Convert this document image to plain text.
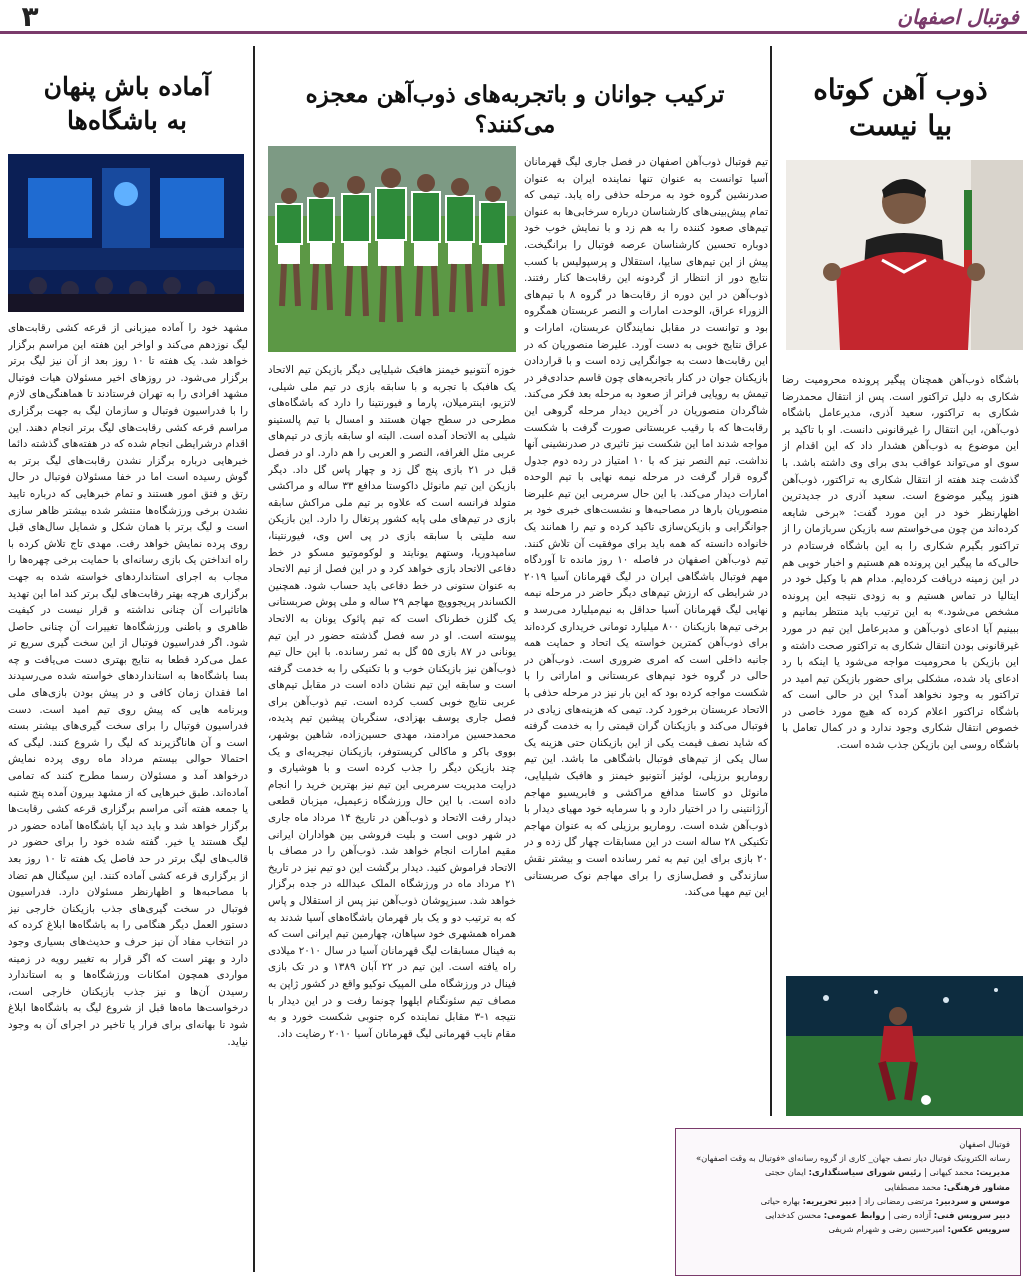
۳	فوتبال اصفهان
ذوب آهن کوتاه
بیا نیست
باشگاه ذوب‌آهن همچنان پیگیر پرونده محرومیت رضا شکاری به دلیل تراکتور است. پس از انتقال محمدرضا شکاری به تراکتور، سعید آذری، مدیرعامل باشگاه ذوب‌آهن، این انتقال را غیرقانونی دانست. او با تاکید بر این موضوع به ذوب‌آهن هشدار داد که این اقدام از سوی او می‌تواند عواقب بدی برای وی داشته باشد. با گذشت چند هفته از انتقال شکاری به تراکتور، ذوب‌آهن هنوز پیگیر موضوع است. سعید آذری در جدیدترین اظهارنظر خود در این مورد گفت: «برخی شایعه کرده‌اند من چون می‌خواستم سه بازیکن سربازمان را از تراکتور بگیرم شکاری را به این باشگاه فرستادم در حالی‌که ما پیگیر این پرونده هم هستیم و اخبار خوبی هم در این زمینه دریافت کرده‌ایم. مدام هم با وکیل خود در ایتالیا در تماس هستیم و به زودی نتیجه این پرونده مشخص می‌شود.» به این ترتیب باید منتظر بمانیم و ببینیم آیا ادعای ذوب‌آهن و مدیرعامل این تیم در مورد غیرقانونی بودن انتقال شکاری به تراکتور صحت داشته و این بازیکن با محرومیت مواجه می‌شود یا اینکه با رد ادعای یاد شده، مشکلی برای حضور بازیکن تیم امید در تراکتور به وجود نخواهد آمد؟ این در حالی است که باشگاه تراکتور اعلام کرده که هیچ مورد خاصی در خصوص انتقال شکاری وجود ندارد و در کمال تعامل با باشگاه روسی این بازیکن جذب شده است.
ترکیب جوانان و باتجربه‌های ذوب‌آهن معجزه می‌کنند؟
تیم فوتبال ذوب‌آهن اصفهان در فصل جاری لیگ قهرمانان آسیا توانست به عنوان تنها نماینده ایران به عنوان صدرنشین گروه خود به مرحله حذفی راه یابد. تیمی که تمام پیش‌بینی‌های کارشناسان درباره سرخابی‌ها به عنوان تیم‌های صعود کننده را به هم زد و با نمایش خوب خود دوباره تحسین کارشناسان عرصه فوتبال را برانگیخت. پیش از این تیم‌های سایپا، استقلال و پرسپولیس با کسب نتایج دور از انتظار از گردونه این رقابت‌ها کنار رفتند. ذوب‌آهن در این دوره از رقابت‌ها در گروه ۸ با تیم‌های الزوراء عراق، الوحدت امارات و النصر عربستان همگروه بود و توانست در مقابل نمایندگان عربستان، امارات و عراق نتایج خوبی به دست آورد. علیرضا منصوریان که در این رقابت‌ها دست به جوانگرایی زده است و با قراردادن بازیکنان جوان در کنار باتجربه‌های چون قاسم حدادی‌فر در تیمش به رویایی فراتر از صعود به مرحله بعد فکر می‌کند. شاگردان منصوریان در آخرین دیدار مرحله گروهی این رقابت‌ها که با رقیب عربستانی صورت گرفت با شکست مواجه شدند اما این شکست نیز تاثیری در صدرنشینی آنها نداشت. تیم النصر نیز که با ۱۰ امتیاز در رده دوم جدول گروه قرار گرفت در مرحله نیمه نهایی با تیم الوحده امارات دیدار می‌کند. با این حال سرمربی این تیم علیرضا منصوریان بارها در مصاحبه‌ها و نشست‌های خبری خود بر جوانگرایی و بازیکن‌سازی تاکید کرده و تیم را همانند یک خانواده دانسته که همه باید برای موفقیت آن تلاش کنند. تیم ذوب‌آهن اصفهان در فاصله ۱۰ روز مانده تا آوردگاه مهم فوتبال باشگاهی ایران در لیگ قهرمانان آسیا ۲۰۱۹ در شرایطی که ارزش تیم‌های دیگر حاضر در مرحله نیمه نهایی لیگ قهرمانان آسیا حداقل به نیم‌میلیارد می‌رسد و برخی تیم‌ها بازیکنان ۸۰۰ میلیارد تومانی خریداری کرده‌اند برای ذوب‌آهن کمترین خواسته یک اتحاد و حمایت همه جانبه داخلی است که امری ضروری است. ذوب‌آهن در حالی در گروه خود تیم‌های عربستانی و اماراتی را با شکست مواجه کرده بود که این بار نیز در مرحله حذفی با الاتحاد عربستان برخورد کرد. تیمی که هزینه‌های زیادی در فوتبال می‌کند و بازیکنان گران قیمتی را به خدمت گرفته که شاید نصف قیمت یکی از این بازیکنان حتی هزینه یک سال یکی از تیم‌های فوتبال باشگاهی ما باشد. این تیم روماریو برزیلی، لوئیز آنتونیو خیمنز و هافبک شیلیایی، مانوئل دو کاستا مدافع مراکشی و فابریسیو مهاجم آرژانتینی را در اختیار دارد و با سرمایه خود مهیای دیدار با ذوب‌آهن شده است. روماریو برزیلی که به عنوان مهاجم تکنیکی ۲۸ ساله است در این مسابقات چهار گل زده و در ۲۰ بازی برای این تیم به ثمر رسانده است و بیشتر نقش سازندگی و فصل‌سازی را برای مهاجم نوک صربستانی این تیم مهیا می‌کند.
خوزه آنتونیو خیمنز هافبک شیلیایی دیگر بازیکن تیم الاتحاد یک هافبک با تجربه و با سابقه بازی در تیم ملی شیلی، لاتزیو، اینترمیلان، پارما و فیورنتینا را دارد که باشگاه‌های مطرحی در سطح جهان هستند و امسال با تیم پالستینو شیلی به الاتحاد آمده است. البته او سابقه بازی در تیم‌های عربی مثل الغرافه، النصر و العربی را هم دارد. او در فصل قبل در ۲۱ بازی پنج گل زد و چهار پاس گل داد. دیگر بازیکن این تیم مانوئل داکوستا مدافع ۳۳ ساله و مراکشی متولد فرانسه است که علاوه بر تیم ملی مراکش سابقه بازی در تیم‌های ملی پایه کشور پرتغال را دارد. این بازیکن سه ملیتی با سابقه بازی در پی اس وی، فیورنتینا، سامپدوریا، وستهم یونایتد و لوکوموتیو مسکو در خط دفاعی الاتحاد بازی خواهد کرد و در این فصل از تیم الاتحاد به عنوان ستونی در خط دفاعی باید حساب شود. همچنین الکساندر پریجوویچ مهاجم ۲۹ ساله و ملی پوش صربستانی یک گلزن خطرناک است که تیم پائوک یونان به الاتحاد پیوسته است. او در سه فصل گذشته حضور در این تیم یونانی در ۸۷ بازی ۵۵ گل به ثمر رسانده. با این حال تیم ذوب‌آهن نیز بازیکنان خوب و با تکنیکی را به خدمت گرفته است و سابقه این تیم نشان داده است در مقابل تیم‌های عربی نتایج خوبی کسب کرده است. تیم ذوب‌آهن برای فصل جاری یوسف بهزادی، سنگربان پیشین تیم پدیده، محمدحسین مرادمند، مهدی حسین‌زاده، شاهین بوشهر، بووی باکر و ماکالی کریستوفر، بازیکنان نیجریه‌ای و یک چند بازیکن دیگر را جذب کرده است و با هوشیاری و درایت مدیریت سرمربی این تیم نیز بهترین خرید را انجام داده است. با این حال ورزشگاه زعیمیل، میزبان قطعی دیدار رفت الاتحاد و ذوب‌آهن در تاریخ ۱۴ مرداد ماه جاری در شهر دوبی است و بلیت فروشی بین هواداران ایرانی مقیم امارات انجام خواهد شد. ذوب‌آهن را در مصاف با الاتحاد فراموش کنید. دیدار برگشت این دو تیم نیز در تاریخ ۲۱ مرداد ماه در ورزشگاه الملک عبدالله در جده برگزار خواهد شد. سبزپوشان ذوب‌آهن نیز پس از استقلال و پاس که به ترتیب دو و یک بار قهرمان باشگاه‌های آسیا شدند به همراه همشهری خود سپاهان، چهارمین تیم ایرانی است که به فینال مسابقات لیگ قهرمانان آسیا در سال ۲۰۱۰ میلادی راه یافته است. این تیم در ۲۲ آبان ۱۳۸۹ و در تک بازی فینال در ورزشگاه ملی المپیک توکیو واقع در کشور ژاپن به مصاف تیم سئونگنام ایلهوا چونما رفت و در این دیدار با نتیجه ۱-۳ مقابل نماینده کره جنوبی شکست خورد و به مقام نایب قهرمانی لیگ قهرمانان آسیا ۲۰۱۰ رضایت داد.
آماده باش پنهان
به باشگاه‌ها
مشهد خود را آماده میزبانی از قرعه کشی رقابت‌های لیگ نوزدهم می‌کند و اواخر این هفته این مراسم برگزار خواهد شد. یک هفته تا ۱۰ روز بعد از آن نیز لیگ برتر برگزار می‌شود. در روزهای اخیر مسئولان هیات فوتبال مشهد افرادی را به تهران فرستادند تا هماهنگی‌های لازم را با فدراسیون فوتبال و سازمان لیگ به جهت برگزاری مراسم قرعه کشی رقابت‌های لیگ برتر انجام دهند. این اقدام درشرایطی انجام شده که در هفته‌های گذشته دائما خبرهایی درباره برگزار نشدن رقابت‌های لیگ برتر به گوش رسیده است اما در خفا مسئولان فوتبال در حال رتق و فتق امور هستند و تمام خبرهایی که درباره تایید نشدن برخی ورزشگاه‌ها منتشر شده بیشتر ظاهر سازی است و لیگ برتر با همان شکل و شمایل سال‌های قبل روی پرده نمایش خواهد رفت. مهدی تاج تلاش کرده با راه انداختن یک بازی رسانه‌ای با حمایت برخی چهره‌ها را مجاب به اجرای استانداردهای خواسته شده به جهت برگزاری هرچه بهتر رقابت‌های لیگ برتر کند اما این تهدید هاتاثیرات آن چنانی نداشته و قرار نیست در کیفیت ظاهری و باطنی ورزشگاه‌ها تغییرات آن چنانی حاصل شود. اگر فدراسیون فوتبال از این سخت گیری سریع تر عمل می‌کرد قطعا به نتایج بهتری دست می‌یافت و چه بسا باشگاه‌ها به استانداردهای خواسته شده می‌رسیدند اما فقدان زمان کافی و در پیش بودن بازی‌های ملی وبرنامه هایی که پیش روی تیم امید است. دست فدراسیون فوتبال را برای سخت گیری‌های بیشتر بسته است و آن هاناگزیرند که لیگ را شروع کنند. لیگی که احتمالا حوالی بیستم مرداد ماه روی پرده نمایش درخواهد آمد و مسئولان رسما مطرح کنند که تمامی آماده‌اند. طبق خبرهایی که از مشهد بیرون آمده پنج شنبه یا جمعه هفته آتی مراسم برگزاری قرعه کشی رقابت‌ها برگزار خواهد شد و باید دید آیا باشگاه‌ها آماده حضور در لیگ هستند یا خیر. گفته شده خود را برای حضور در قالب‌های لیگ برتر در حد فاصل یک هفته تا ۱۰ روز بعد از برگزاری قرعه کشی آماده کنند. این سیگنال هم تضاد با مصاحبه‌ها و اظهارنظر مسئولان دارد. فدراسیون فوتبال در سخت گیری‌های جذب بازیکنان خارجی نیز دستور العمل دیگر هنگامی را به باشگاه‌ها ابلاغ کرده که در انتخاب مفاد آن نیز حرف و حدیث‌های بسیاری وجود دارد و بهتر است که اگر قرار به تغییر رویه در زمینه مواردی همچون امکانات ورزشگاه‌ها و به استاندارد رسیدن آن‌ها و نیز جذب بازیکنان خارجی است، درخواست‌ها ماه‌ها قبل از شروع لیگ به باشگاه‌ها ابلاغ شود تا بهانه‌ای برای فرار یا تاخیر در اجرای آن به وجود نیاید.
فوتبال اصفهان
رسانه الکترونیک فوتبال دیار نصف جهان_ کاری از گروه رسانه‌ای «فوتبال به وقت اصفهان»
مدیریت: محمد کیهانی | رئیس شورای سیاستگذاری: ایمان حجتی
مشاور فرهنگی: محمد مصطفایی
موسس و سردبیر: مرتضی رمضانی راد | دبیر تحریریه: بهاره حیاتی
دبیر سرویس فنی: آزاده رضی | روابط عمومی: محسن کدخدایی
سرویس عکس: امیرحسین رضی و شهرام شریفی
